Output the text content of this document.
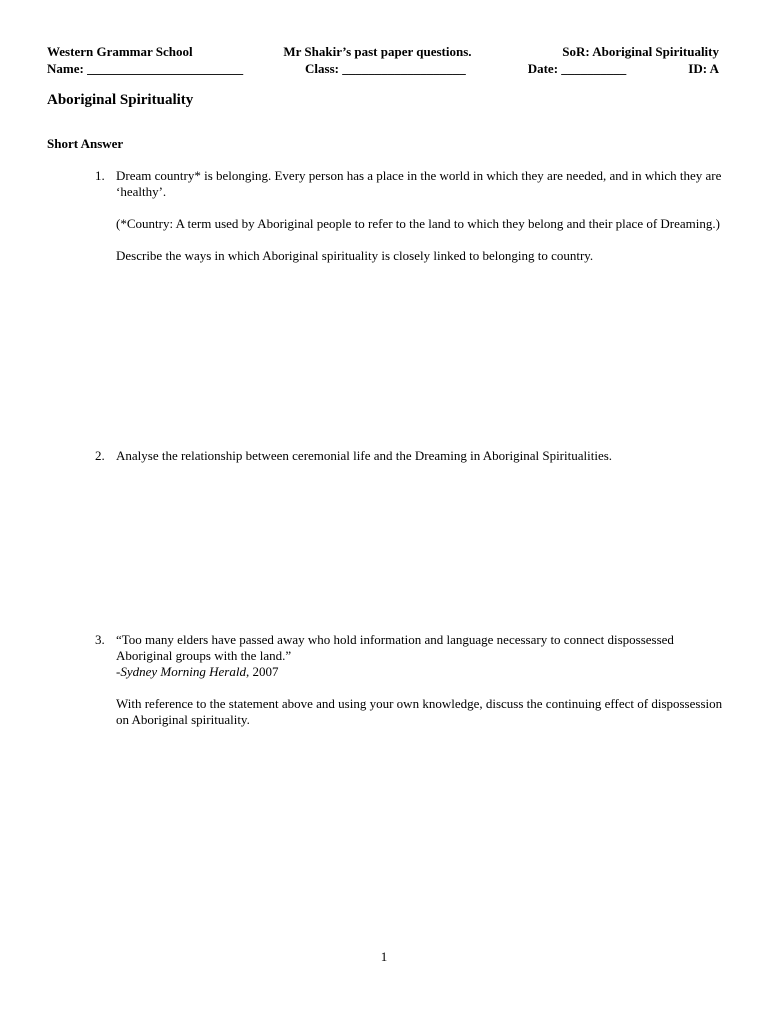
Western Grammar School	Mr Shakir’s past paper questions.	SoR: Aboriginal Spirituality
Name: ________________________	Class: ___________________	Date: __________	ID: A
Aboriginal Spirituality
Short Answer
1. Dream country* is belonging. Every person has a place in the world in which they are needed, and in which they are ‘healthy’.

(*Country: A term used by Aboriginal people to refer to the land to which they belong and their place of Dreaming.)

Describe the ways in which Aboriginal spirituality is closely linked to belonging to country.

2. Analyse the relationship between ceremonial life and the Dreaming in Aboriginal Spiritualities.

3. “Too many elders have passed away who hold information and language necessary to connect dispossessed Aboriginal groups with the land.”
-Sydney Morning Herald, 2007

With reference to the statement above and using your own knowledge, discuss the continuing effect of dispossession on Aboriginal spirituality.

1
